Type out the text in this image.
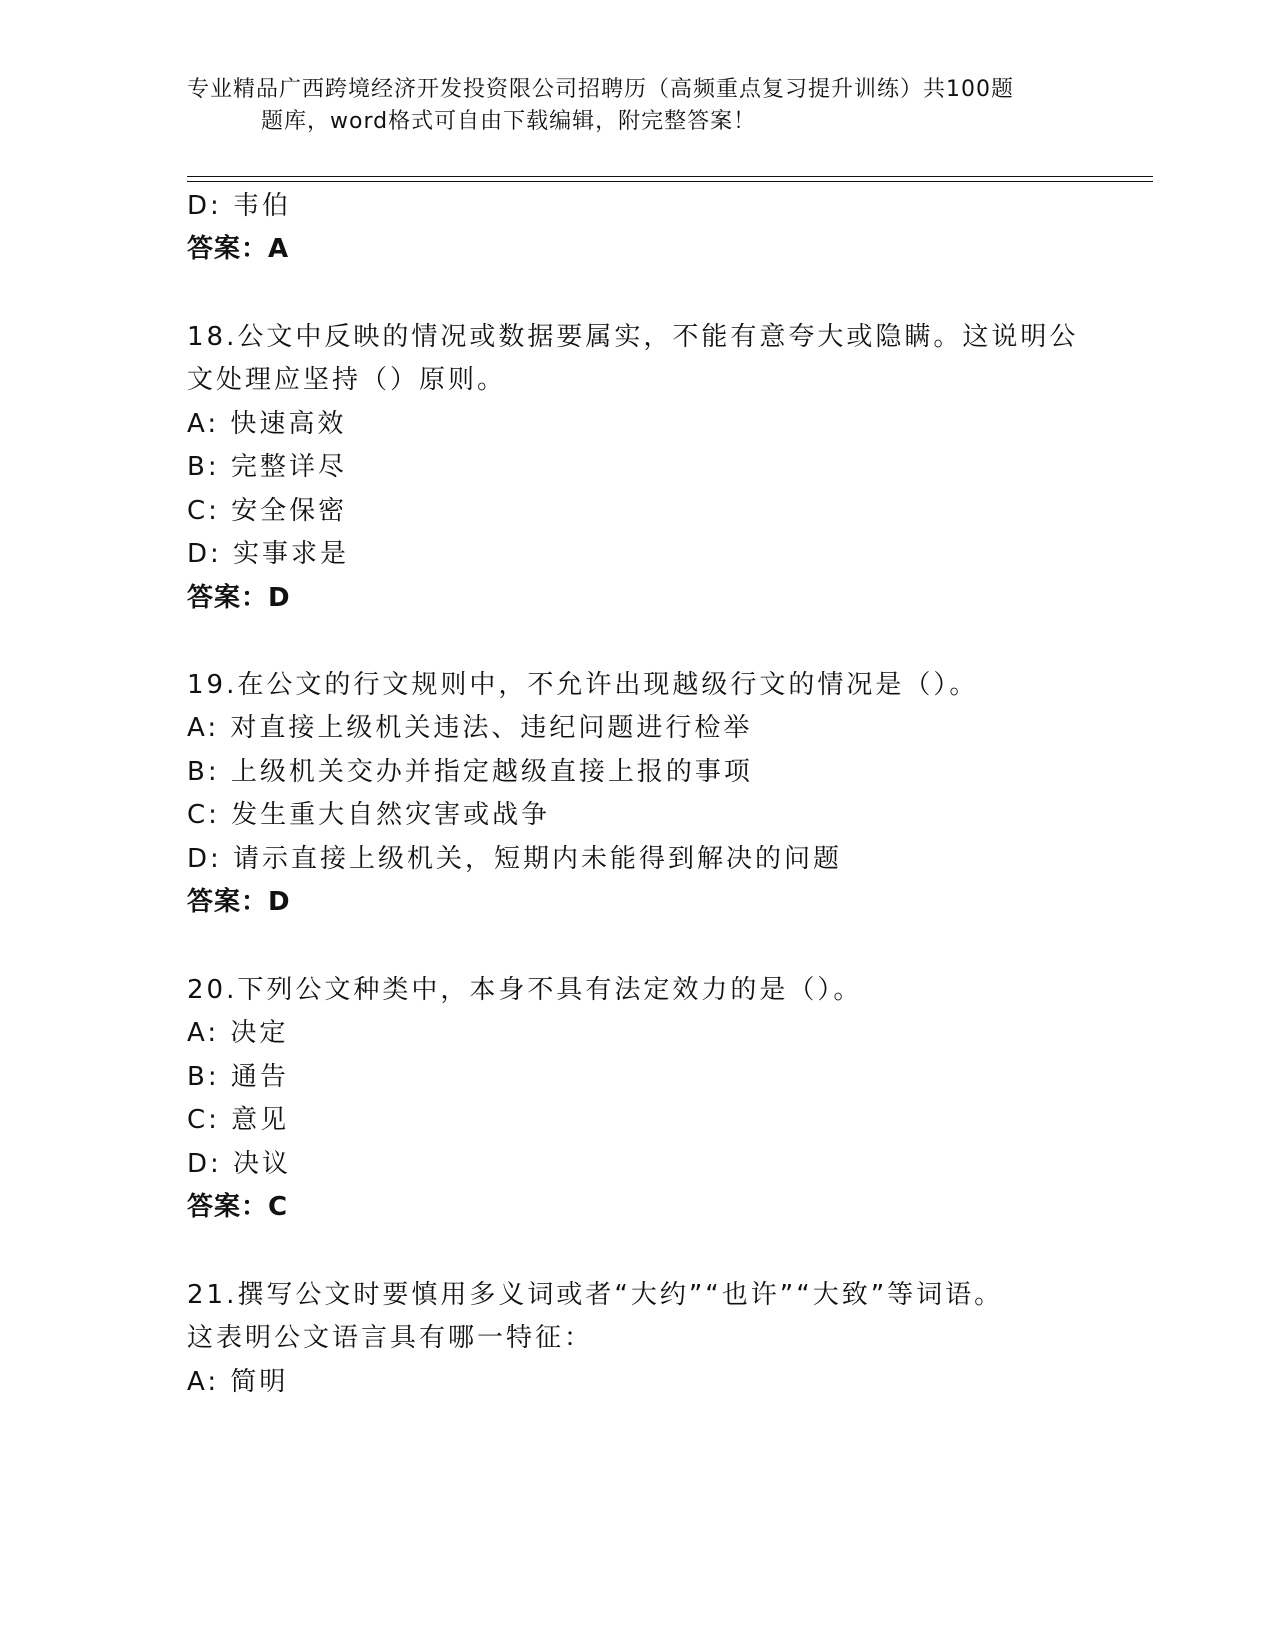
专业精品广西跨境经济开发投资限公司招聘历（高频重点复习提升训练）共100题
题库，word格式可自由下载编辑，附完整答案！
D: 韦伯
答案：A
18.公文中反映的情况或数据要属实，不能有意夸大或隐瞒。这说明公
文处理应坚持（）原则。
A: 快速高效
B: 完整详尽
C: 安全保密
D: 实事求是
答案：D
19.在公文的行文规则中，不允许出现越级行文的情况是（）。
A: 对直接上级机关违法、违纪问题进行检举
B: 上级机关交办并指定越级直接上报的事项
C: 发生重大自然灾害或战争
D: 请示直接上级机关，短期内未能得到解决的问题
答案：D
20.下列公文种类中，本身不具有法定效力的是（）。
A: 决定
B: 通告
C: 意见
D: 决议
答案：C
21.撰写公文时要慎用多义词或者“大约”“也许”“大致”等词语。
这表明公文语言具有哪一特征：
A: 简明
